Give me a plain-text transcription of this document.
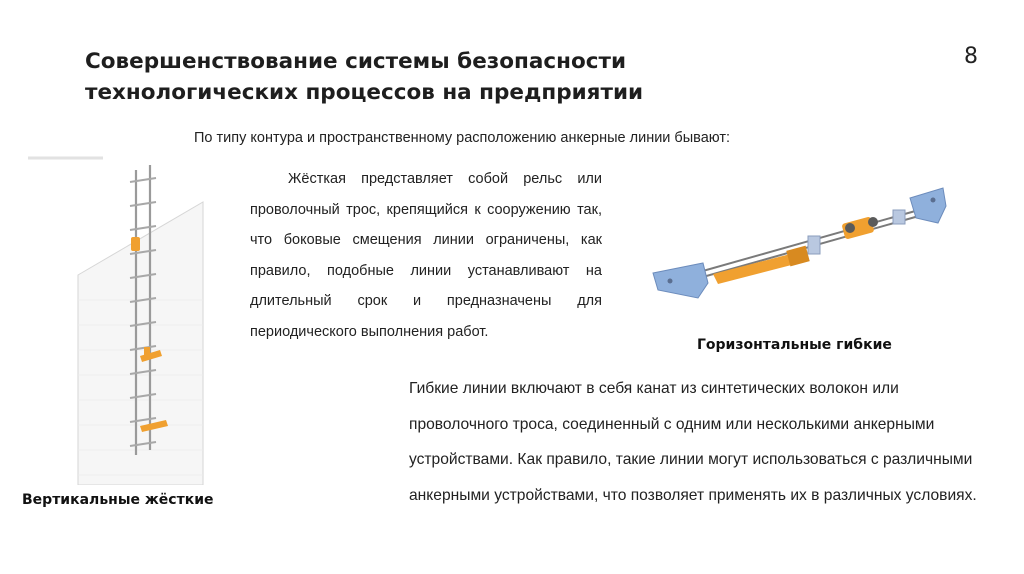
Совершенствование системы безопасности
технологических процессов на предприятии
8
По типу контура и пространственному расположению анкерные линии бывают:
Вертикальные жёсткие

Жёсткая представляет собой рельс или проволочный трос, крепящийся к сооружению так, что боковые смещения линии ограничены, как правило, подобные линии устанавливают на длительный срок и предназначены для периодического выполнения работ.

Горизонтальные гибкие

Гибкие линии включают в себя канат из синтетических волокон или проволочного троса, соединенный с одним или несколькими анкерными устройствами. Как правило, такие линии могут использоваться с различными анкерными устройствами, что позволяет применять их в различных условиях.
